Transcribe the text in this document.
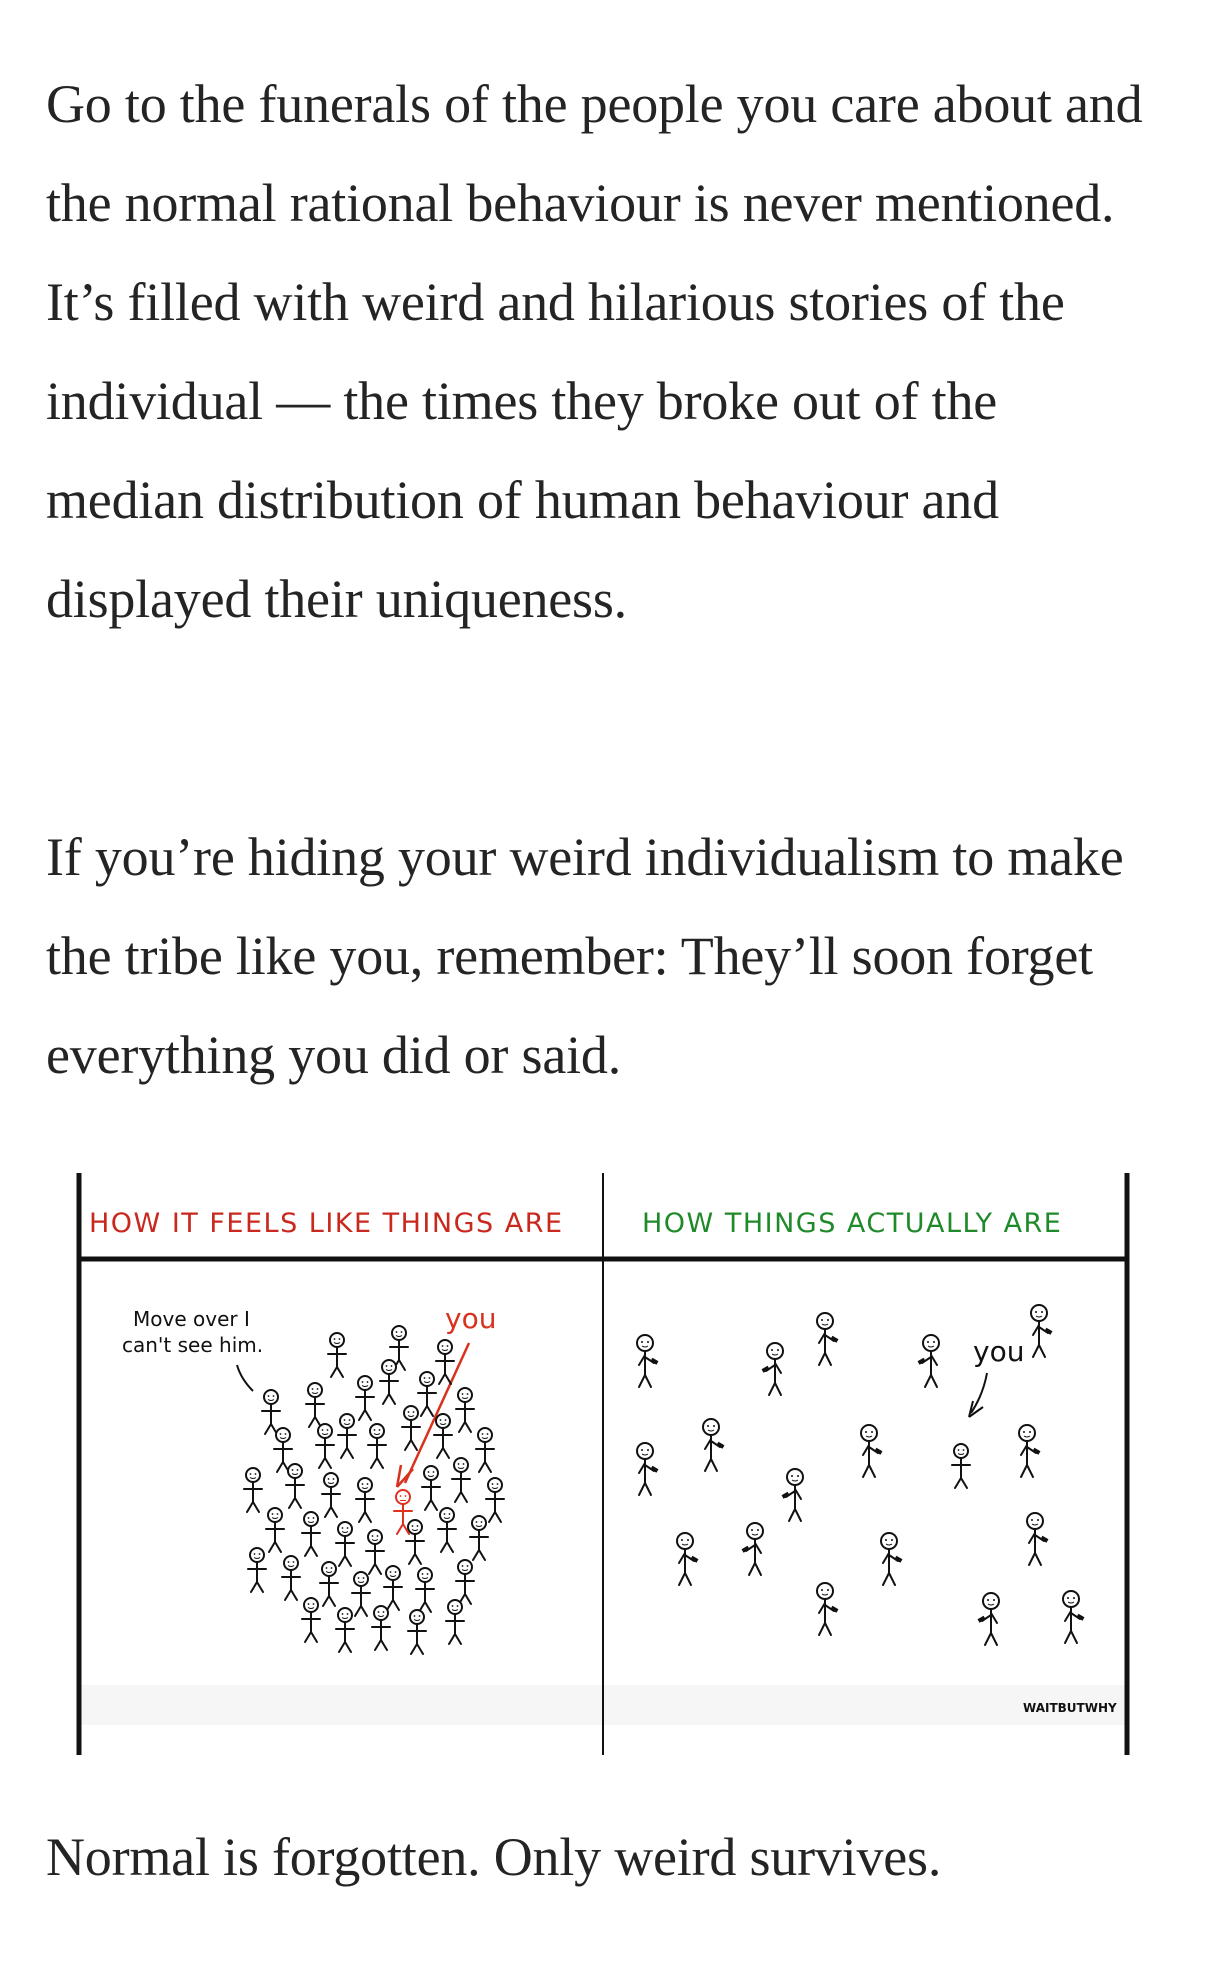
Go to the funerals of the people you care about and the normal rational behaviour is never mentioned. It’s filled with weird and hilarious stories of the individual — the times they broke out of the median distribution of human behaviour and displayed their uniqueness.

If you’re hiding your weird individualism to make the tribe like you, remember: They’ll soon forget everything you did or said.

HOW IT FEELS LIKE THINGS ARE	HOW THINGS ACTUALLY ARE
Move over I
can't see him.
you
you
WAITBUTWHY

Normal is forgotten. Only weird survives.
